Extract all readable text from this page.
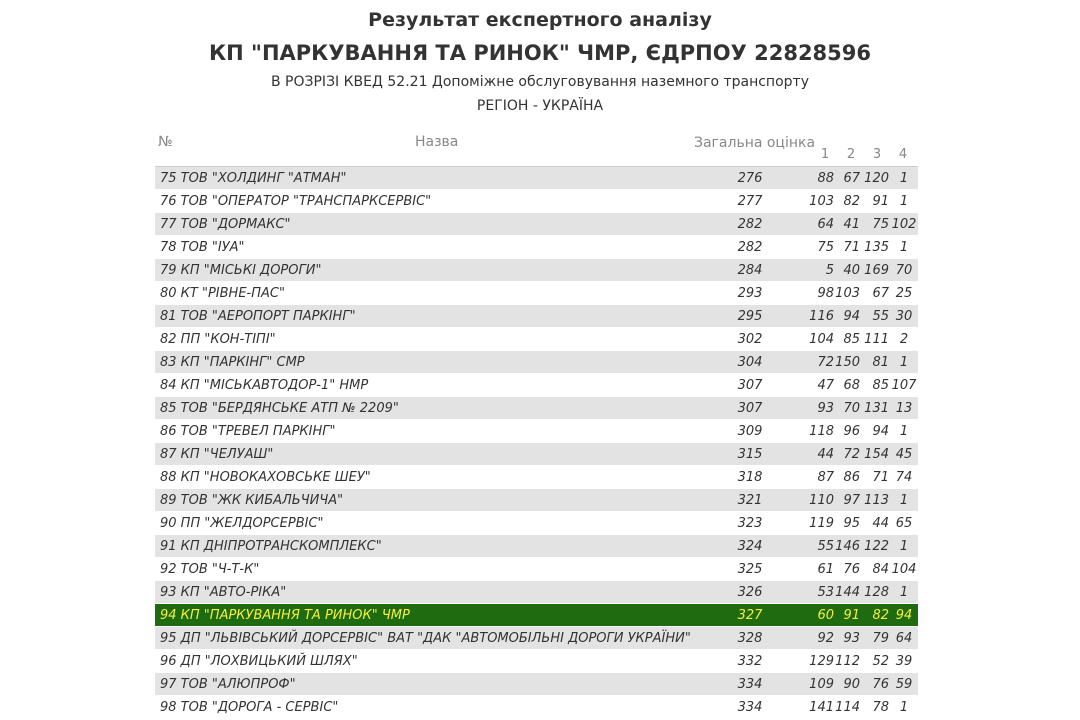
Результат експертного аналізу
КП "ПАРКУВАННЯ ТА РИНОК" ЧМР, ЄДРПОУ 22828596
В РОЗРІЗІ КВЕД 52.21 Допоміжне обслуговування наземного транспорту
РЕГІОН - УКРАЇНА
№	Назва	Загальна оцінка
1	2	3	4
75 ТОВ "ХОЛДИНГ "АТМАН"	276	88 67 120 1
76 ТОВ "ОПЕРАТОР "ТРАНСПАРКСЕРВІС"	277	103 82 91 1
77 ТОВ "ДОРМАКС"	282	64 41 75 102
78 ТОВ "ІУА"	282	75 71 135 1
79 КП "МІСЬКІ ДОРОГИ"	284	5 40 169 70
80 КТ "РІВНЕ-ПАС"	293	98 103 67 25
81 ТОВ "АЕРОПОРТ ПАРКІНГ"	295	116 94 55 30
82 ПП "КОН-ТІПІ"	302	104 85 111 2
83 КП "ПАРКІНГ" СМР	304	72 150 81 1
84 КП "МІСЬКАВТОДОР-1" НМР	307	47 68 85 107
85 ТОВ "БЕРДЯНСЬКЕ АТП № 2209"	307	93 70 131 13
86 ТОВ "ТРЕВЕЛ ПАРКІНГ"	309	118 96 94 1
87 КП "ЧЕЛУАШ"	315	44 72 154 45
88 КП "НОВОКАХОВСЬКЕ ШЕУ"	318	87 86 71 74
89 ТОВ "ЖК КИБАЛЬЧИЧА"	321	110 97 113 1
90 ПП "ЖЕЛДОРСЕРВІС"	323	119 95 44 65
91 КП ДНІПРОТРАНСКОМПЛЕКС"	324	55 146 122 1
92 ТОВ "Ч-Т-К"	325	61 76 84 104
93 КП "АВТО-РІКА"	326	53 144 128 1
94 КП "ПАРКУВАННЯ ТА РИНОК" ЧМР	327	60 91 82 94
95 ДП "ЛЬВІВСЬКИЙ ДОРСЕРВІС" ВАТ "ДАК "АВТОМОБІЛЬНІ ДОРОГИ УКРАЇНИ"	328	92 93 79 64
96 ДП "ЛОХВИЦЬКИЙ ШЛЯХ"	332	129 112 52 39
97 ТОВ "АЛЮПРОФ"	334	109 90 76 59
98 ТОВ "ДОРОГА - СЕРВІС"	334	141 114 78 1
